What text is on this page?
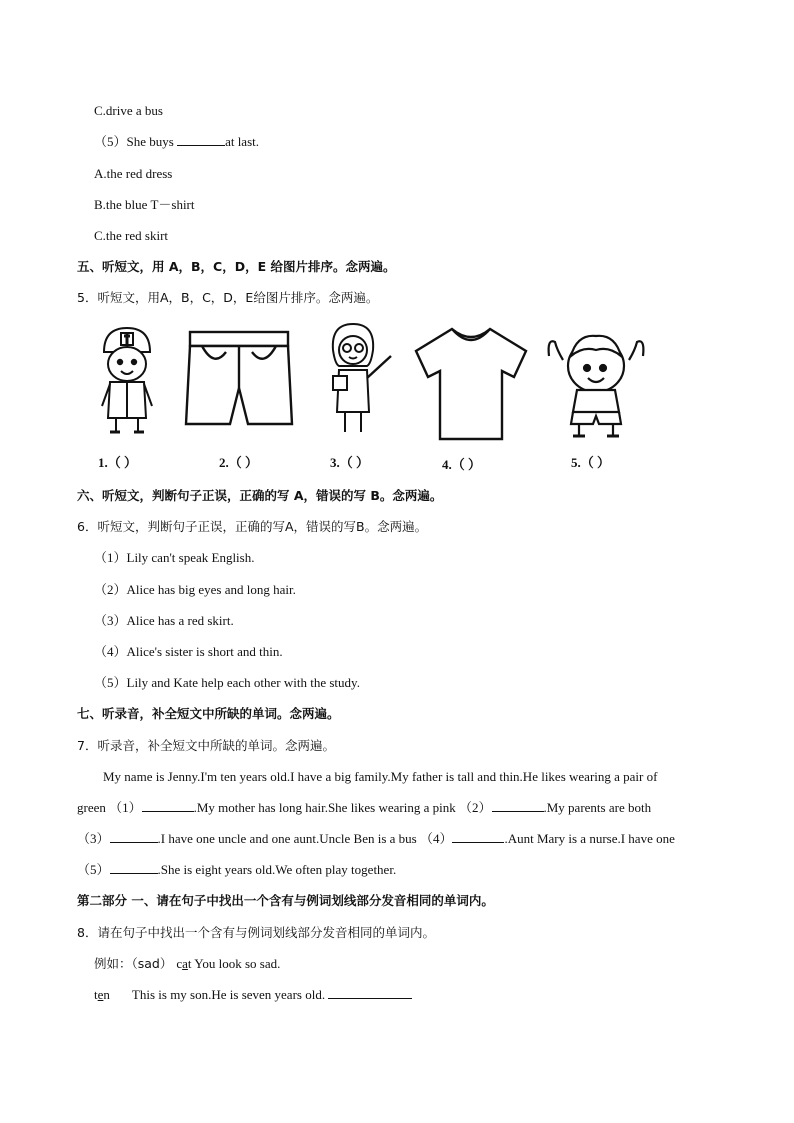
C.drive a bus
（5）She buys	at last.
A.the red dress
B.the blue T－shirt
C.the red skirt
五、听短文，用 A，B，C，D，E 给图片排序。念两遍。
5．听短文，用A，B，C，D，E给图片排序。念两遍。
1.（ ）	2.（ ）	3.（ ）	4.（ ）	5.（ ）
六、听短文，判断句子正误，正确的写 A，错误的写 B。念两遍。
6．听短文，判断句子正误，正确的写A，错误的写B。念两遍。
（1）Lily can't speak English.
（2）Alice has big eyes and long hair.
（3）Alice has a red skirt.
（4）Alice's sister is short and thin.
（5）Lily and Kate help each other with the study.
七、听录音，补全短文中所缺的单词。念两遍。
7．听录音，补全短文中所缺的单词。念两遍。
My name is Jenny.I'm ten years old.I have a big family.My father is tall and thin.He likes wearing a pair of
green （1）	.My mother has long hair.She likes wearing a pink （2）	.My parents are both
（3）	.I have one uncle and one aunt.Uncle Ben is a bus （4）	.Aunt Mary is a nurse.I have one
（5）	.She is eight years old.We often play together.
第二部分 一、请在句子中找出一个含有与例词划线部分发音相同的单词内。
8．请在句子中找出一个含有与例词划线部分发音相同的单词内。
例如：（sad） cat You look so sad.
ten This is my son.He is seven years old.
